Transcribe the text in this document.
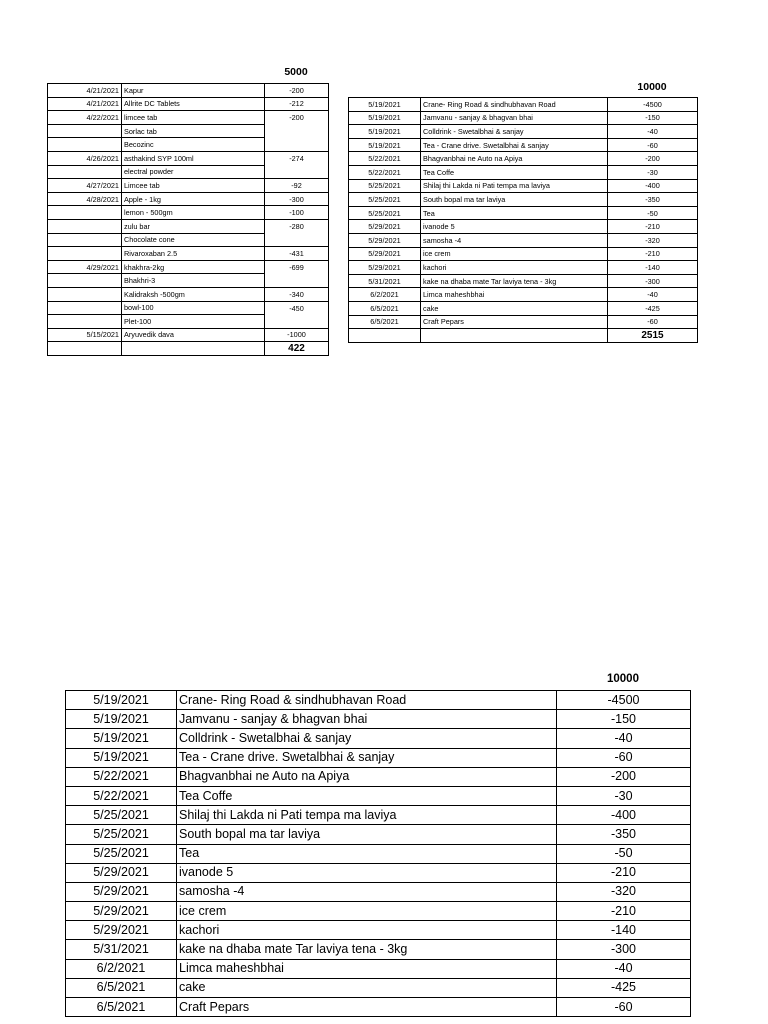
5000
4/21/2021	Kapur	-200
4/21/2021	Allrite DC Tablets	-212
4/22/2021	limcee tab	-200
	Sorlac tab	
	Becozinc	
4/26/2021	asthakind SYP 100ml	-274
	electral powder	
4/27/2021	Limcee tab	-92
4/28/2021	Apple - 1kg	-300
	lemon - 500gm	-100
	zulu bar	-280
	Chocolate cone	
	Rivaroxaban 2.5	-431
4/29/2021	khakhra-2kg	-699
	Bhakhri-3	
	Kalidraksh -500gm	-340
	bowl-100	-450
	Plet-100	
5/15/2021	Aryuvedik dava	-1000
		422
10000
5/19/2021	Crane- Ring Road & sindhubhavan Road	-4500
5/19/2021	Jamvanu - sanjay & bhagvan bhai	-150
5/19/2021	Colldrink - Swetalbhai & sanjay	-40
5/19/2021	Tea - Crane drive. Swetalbhai & sanjay	-60
5/22/2021	Bhagvanbhai ne Auto na Apiya	-200
5/22/2021	Tea Coffe	-30
5/25/2021	Shilaj thi Lakda ni Pati tempa ma laviya	-400
5/25/2021	South bopal ma tar laviya	-350
5/25/2021	Tea	-50
5/29/2021	ivanode 5	-210
5/29/2021	samosha -4	-320
5/29/2021	ice crem	-210
5/29/2021	kachori	-140
5/31/2021	kake na dhaba mate Tar laviya tena - 3kg	-300
6/2/2021	Limca maheshbhai	-40
6/5/2021	cake	-425
6/5/2021	Craft Pepars	-60
		2515
10000
5/19/2021	Crane- Ring Road & sindhubhavan Road	-4500
5/19/2021	Jamvanu - sanjay & bhagvan bhai	-150
5/19/2021	Colldrink - Swetalbhai & sanjay	-40
5/19/2021	Tea - Crane drive. Swetalbhai & sanjay	-60
5/22/2021	Bhagvanbhai ne Auto na Apiya	-200
5/22/2021	Tea Coffe	-30
5/25/2021	Shilaj thi Lakda ni Pati tempa ma laviya	-400
5/25/2021	South bopal ma tar laviya	-350
5/25/2021	Tea	-50
5/29/2021	ivanode 5	-210
5/29/2021	samosha -4	-320
5/29/2021	ice crem	-210
5/29/2021	kachori	-140
5/31/2021	kake na dhaba mate Tar laviya tena - 3kg	-300
6/2/2021	Limca maheshbhai	-40
6/5/2021	cake	-425
6/5/2021	Craft Pepars	-60
